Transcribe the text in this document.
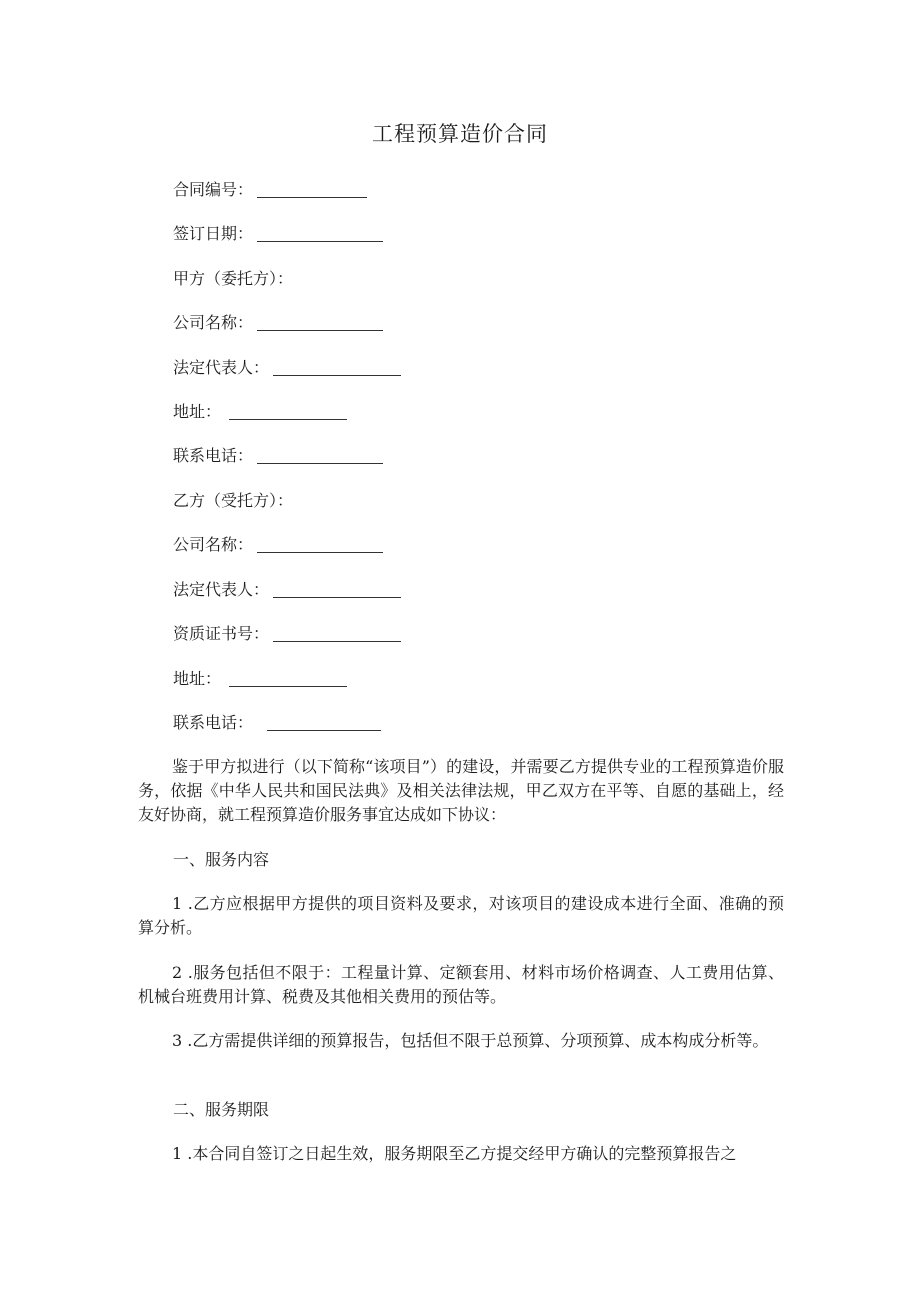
工程预算造价合同
合同编号：
签订日期：
甲方（委托方）：
公司名称：
法定代表人：
地址：
联系电话：
乙方（受托方）：
公司名称：
法定代表人：
资质证书号：
地址：
联系电话：
鉴于甲方拟进行（以下简称“该项目”）的建设，并需要乙方提供专业的工程预算造价服务，依据《中华人民共和国民法典》及相关法律法规，甲乙双方在平等、自愿的基础上，经友好协商，就工程预算造价服务事宜达成如下协议：
一、服务内容
1 .乙方应根据甲方提供的项目资料及要求，对该项目的建设成本进行全面、准确的预算分析。
2 .服务包括但不限于：工程量计算、定额套用、材料市场价格调查、人工费用估算、机械台班费用计算、税费及其他相关费用的预估等。
3 .乙方需提供详细的预算报告，包括但不限于总预算、分项预算、成本构成分析等。
二、服务期限
1 .本合同自签订之日起生效，服务期限至乙方提交经甲方确认的完整预算报告之
